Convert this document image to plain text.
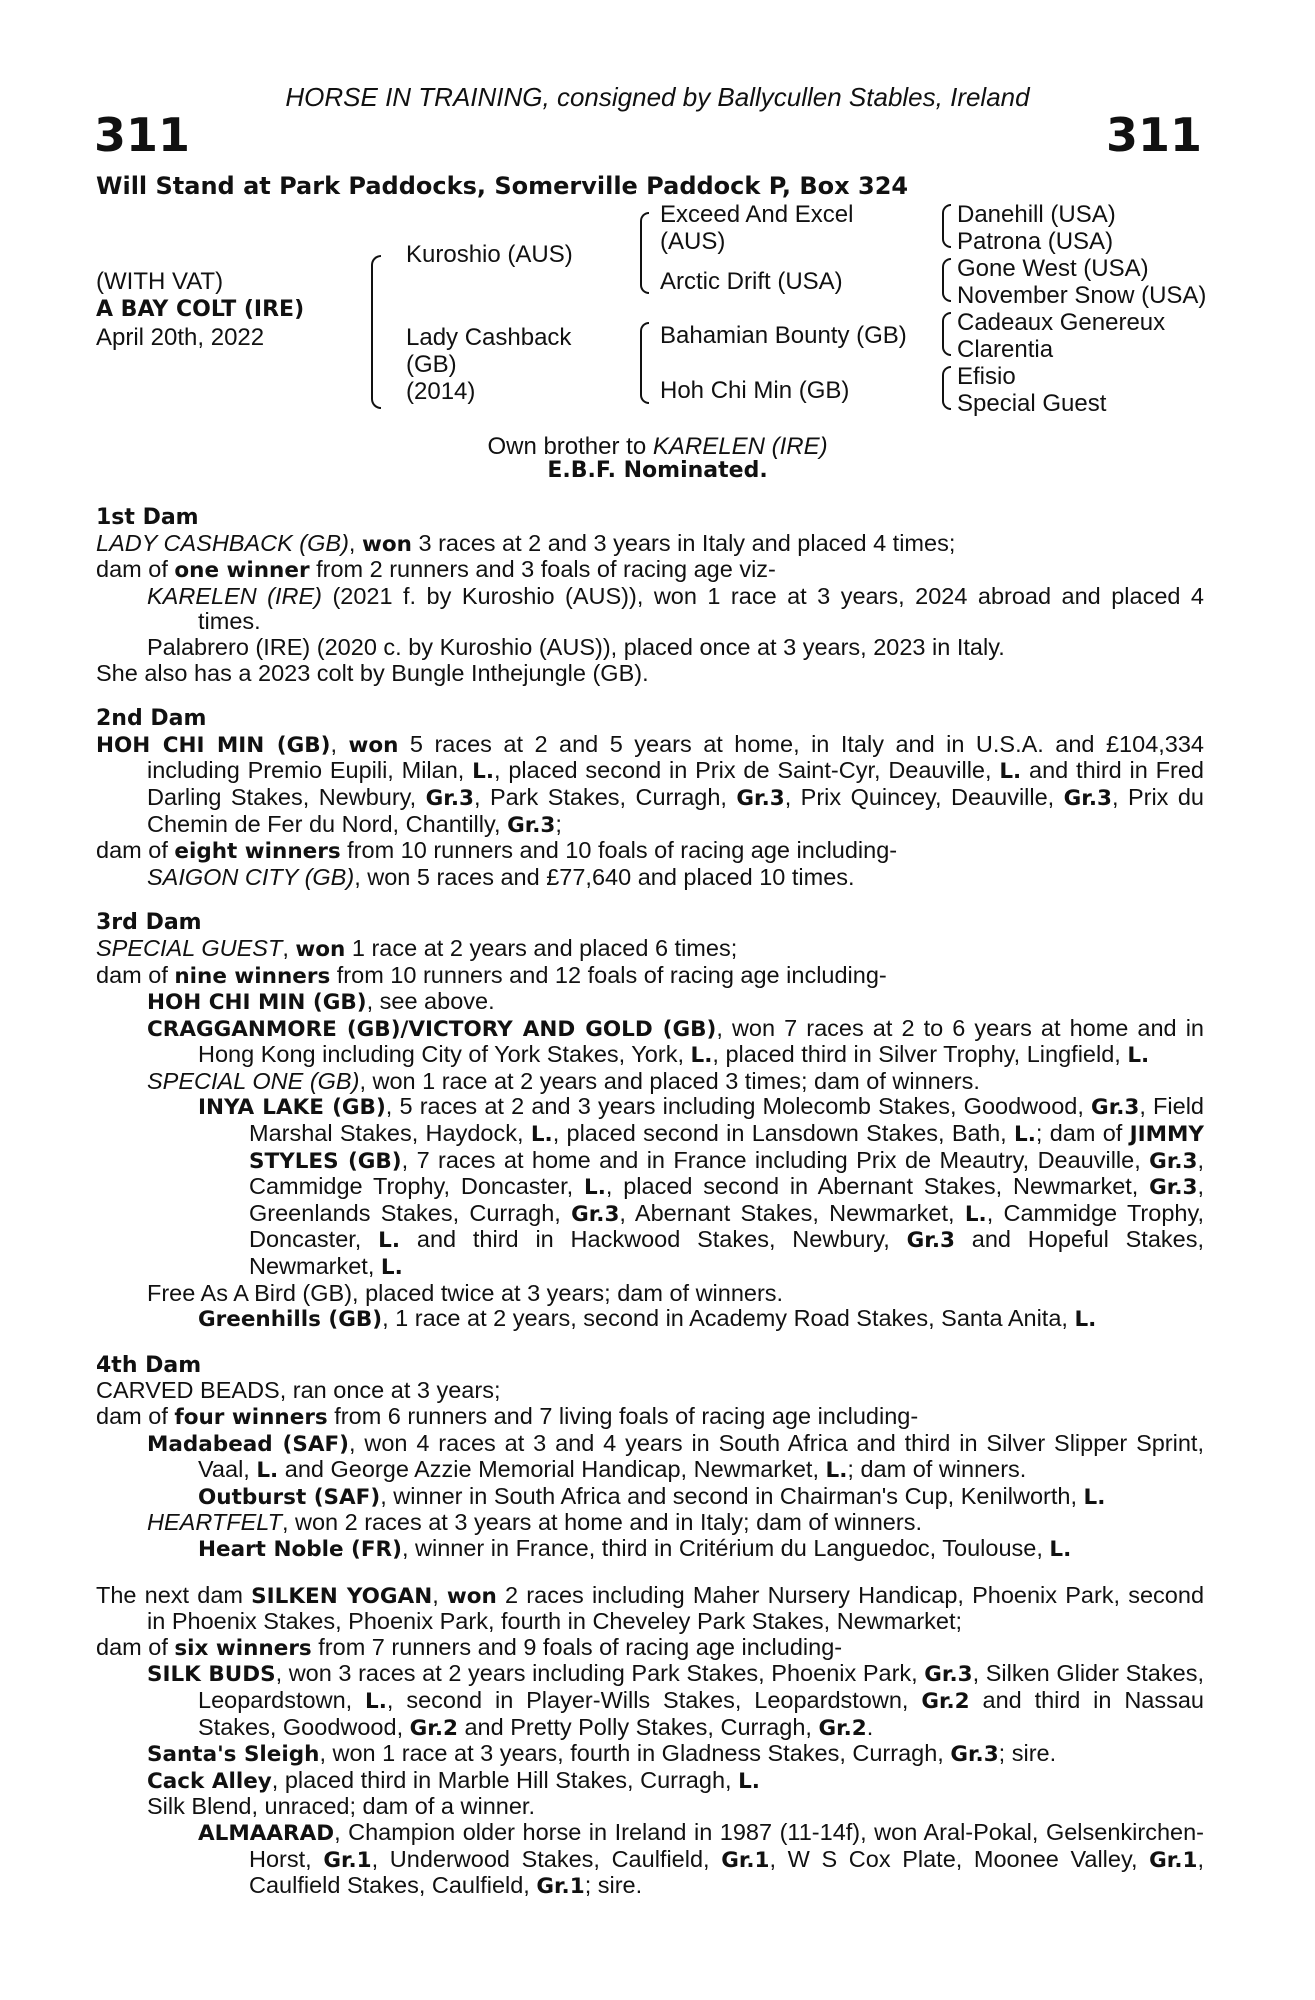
HORSE IN TRAINING, consigned by Ballycullen Stables, Ireland
311	311
Will Stand at Park Paddocks, Somerville Paddock P, Box 324
(WITH VAT)
A BAY COLT (IRE)
April 20th, 2022
Kuroshio (AUS)
Lady Cashback
(GB)
(2014)
Exceed And Excel
(AUS)
Arctic Drift (USA)
Bahamian Bounty (GB)
Hoh Chi Min (GB)
Danehill (USA)
Patrona (USA)
Gone West (USA)
November Snow (USA)
Cadeaux Genereux
Clarentia
Efisio
Special Guest
Own brother to KARELEN (IRE)
E.B.F. Nominated.

1st Dam

LADY CASHBACK (GB), won 3 races at 2 and 3 years in Italy and placed 4 times;

dam of one winner from 2 runners and 3 foals of racing age viz-

KARELEN (IRE) (2021 f. by Kuroshio (AUS)), won 1 race at 3 years, 2024 abroad and placed 4 times.

Palabrero (IRE) (2020 c. by Kuroshio (AUS)), placed once at 3 years, 2023 in Italy.

She also has a 2023 colt by Bungle Inthejungle (GB).

2nd Dam

HOH CHI MIN (GB), won 5 races at 2 and 5 years at home, in Italy and in U.S.A. and £104,334 including Premio Eupili, Milan, L., placed second in Prix de Saint-Cyr, Deauville, L. and third in Fred Darling Stakes, Newbury, Gr.3, Park Stakes, Curragh, Gr.3, Prix Quincey, Deauville, Gr.3, Prix du Chemin de Fer du Nord, Chantilly, Gr.3;

dam of eight winners from 10 runners and 10 foals of racing age including-

SAIGON CITY (GB), won 5 races and £77,640 and placed 10 times.

3rd Dam

SPECIAL GUEST, won 1 race at 2 years and placed 6 times;

dam of nine winners from 10 runners and 12 foals of racing age including-

HOH CHI MIN (GB), see above.

CRAGGANMORE (GB)/VICTORY AND GOLD (GB), won 7 races at 2 to 6 years at home and in Hong Kong including City of York Stakes, York, L., placed third in Silver Trophy, Lingfield, L.

SPECIAL ONE (GB), won 1 race at 2 years and placed 3 times; dam of winners.

INYA LAKE (GB), 5 races at 2 and 3 years including Molecomb Stakes, Goodwood, Gr.3, Field Marshal Stakes, Haydock, L., placed second in Lansdown Stakes, Bath, L.; dam of JIMMY STYLES (GB), 7 races at home and in France including Prix de Meautry, Deauville, Gr.3, Cammidge Trophy, Doncaster, L., placed second in Abernant Stakes, Newmarket, Gr.3, Greenlands Stakes, Curragh, Gr.3, Abernant Stakes, Newmarket, L., Cammidge Trophy, Doncaster, L. and third in Hackwood Stakes, Newbury, Gr.3 and Hopeful Stakes, Newmarket, L.

Free As A Bird (GB), placed twice at 3 years; dam of winners.

Greenhills (GB), 1 race at 2 years, second in Academy Road Stakes, Santa Anita, L.

4th Dam

CARVED BEADS, ran once at 3 years;

dam of four winners from 6 runners and 7 living foals of racing age including-

Madabead (SAF), won 4 races at 3 and 4 years in South Africa and third in Silver Slipper Sprint, Vaal, L. and George Azzie Memorial Handicap, Newmarket, L.; dam of winners.

Outburst (SAF), winner in South Africa and second in Chairman's Cup, Kenilworth, L.

HEARTFELT, won 2 races at 3 years at home and in Italy; dam of winners.

Heart Noble (FR), winner in France, third in Critérium du Languedoc, Toulouse, L.

The next dam SILKEN YOGAN, won 2 races including Maher Nursery Handicap, Phoenix Park, second in Phoenix Stakes, Phoenix Park, fourth in Cheveley Park Stakes, Newmarket;

dam of six winners from 7 runners and 9 foals of racing age including-

SILK BUDS, won 3 races at 2 years including Park Stakes, Phoenix Park, Gr.3, Silken Glider Stakes, Leopardstown, L., second in Player-Wills Stakes, Leopardstown, Gr.2 and third in Nassau Stakes, Goodwood, Gr.2 and Pretty Polly Stakes, Curragh, Gr.2.

Santa's Sleigh, won 1 race at 3 years, fourth in Gladness Stakes, Curragh, Gr.3; sire.

Cack Alley, placed third in Marble Hill Stakes, Curragh, L.

Silk Blend, unraced; dam of a winner.

ALMAARAD, Champion older horse in Ireland in 1987 (11-14f), won Aral-Pokal, Gelsenkirchen-Horst, Gr.1, Underwood Stakes, Caulfield, Gr.1, W S Cox Plate, Moonee Valley, Gr.1, Caulfield Stakes, Caulfield, Gr.1; sire.
